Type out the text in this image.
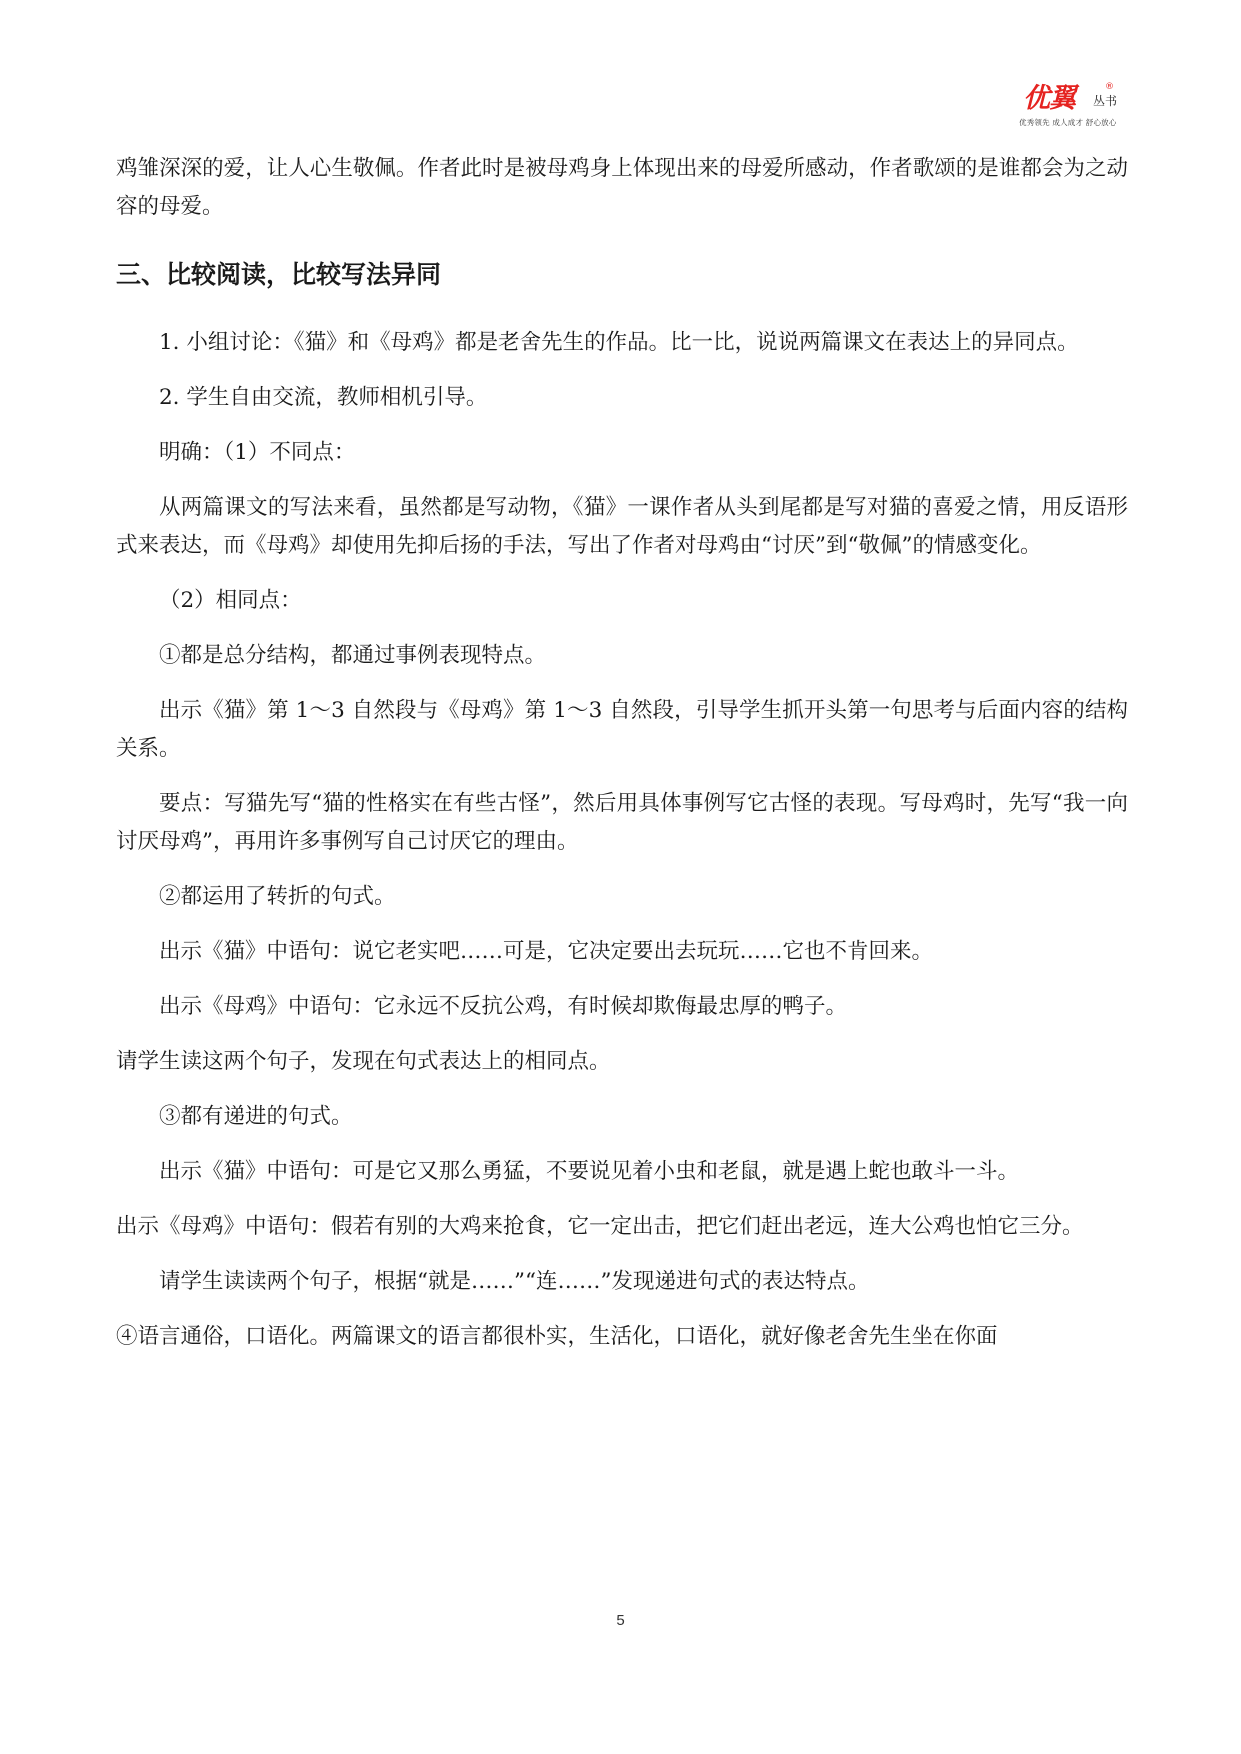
优翼	®
丛书
优秀领先 成人成才 舒心放心

鸡雏深深的爱，让人心生敬佩。作者此时是被母鸡身上体现出来的母爱所感动，作者歌颂的是谁都会为之动容的母爱。

三、比较阅读，比较写法异同

1. 小组讨论：《猫》和《母鸡》都是老舍先生的作品。比一比，说说两篇课文在表达上的异同点。

2. 学生自由交流，教师相机引导。

明确：（1）不同点：

从两篇课文的写法来看，虽然都是写动物，《猫》一课作者从头到尾都是写对猫的喜爱之情，用反语形式来表达，而《母鸡》却使用先抑后扬的手法，写出了作者对母鸡由“讨厌”到“敬佩”的情感变化。

（2）相同点：

①都是总分结构，都通过事例表现特点。

出示《猫》第 1～3 自然段与《母鸡》第 1～3 自然段，引导学生抓开头第一句思考与后面内容的结构关系。

要点：写猫先写“猫的性格实在有些古怪”，然后用具体事例写它古怪的表现。写母鸡时，先写“我一向讨厌母鸡”，再用许多事例写自己讨厌它的理由。

②都运用了转折的句式。

出示《猫》中语句：说它老实吧……可是，它决定要出去玩玩……它也不肯回来。

出示《母鸡》中语句：它永远不反抗公鸡，有时候却欺侮最忠厚的鸭子。

请学生读这两个句子，发现在句式表达上的相同点。

③都有递进的句式。

出示《猫》中语句：可是它又那么勇猛，不要说见着小虫和老鼠，就是遇上蛇也敢斗一斗。

出示《母鸡》中语句：假若有别的大鸡来抢食，它一定出击，把它们赶出老远，连大公鸡也怕它三分。

请学生读读两个句子，根据“就是……”“连……”发现递进句式的表达特点。

④语言通俗，口语化。两篇课文的语言都很朴实，生活化，口语化，就好像老舍先生坐在你面

5
